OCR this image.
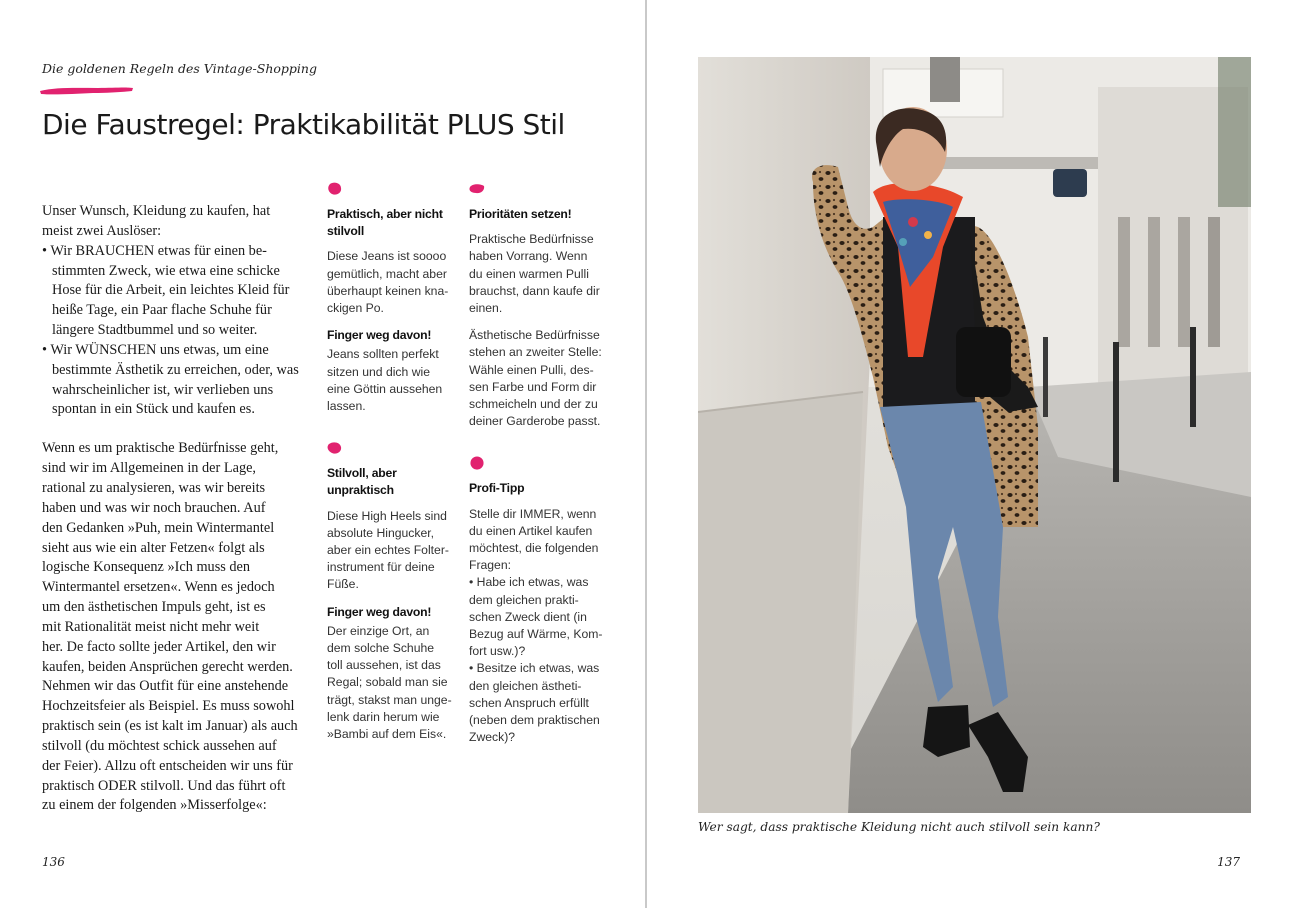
Die goldenen Regeln des Vintage-Shopping
Die Faustregel: Praktikabilität PLUS Stil

Unser Wunsch, Kleidung zu kaufen, hat
meist zwei Auslöser:

• Wir BRAUCHEN etwas für einen be-
stimmten Zweck, wie etwa eine schicke
Hose für die Arbeit, ein leichtes Kleid für
heiße Tage, ein Paar flache Schuhe für
längere Stadtbummel und so weiter.
• Wir WÜNSCHEN uns etwas, um eine
bestimmte Ästhetik zu erreichen, oder, was
wahrscheinlicher ist, wir verlieben uns
spontan in ein Stück und kaufen es.

Wenn es um praktische Bedürfnisse geht,
sind wir im Allgemeinen in der Lage,
rational zu analysieren, was wir bereits
haben und was wir noch brauchen. Auf
den Gedanken »Puh, mein Wintermantel
sieht aus wie ein alter Fetzen« folgt als
logische Konsequenz »Ich muss den
Wintermantel ersetzen«. Wenn es jedoch
um den ästhetischen Impuls geht, ist es
mit Rationalität meist nicht mehr weit
her. De facto sollte jeder Artikel, den wir
kaufen, beiden Ansprüchen gerecht werden.
Nehmen wir das Outfit für eine anstehende
Hochzeitsfeier als Beispiel. Es muss sowohl
praktisch sein (es ist kalt im Januar) als auch
stilvoll (du möchtest schick aussehen auf
der Feier). Allzu oft entscheiden wir uns für
praktisch ODER stilvoll. Und das führt oft
zu einem der folgenden »Misserfolge«:

Praktisch, aber nicht
stilvoll
Diese Jeans ist soooo
gemütlich, macht aber
überhaupt keinen kna-
ckigen Po.
Finger weg davon!
Jeans sollten perfekt
sitzen und dich wie
eine Göttin aussehen
lassen.
Stilvoll, aber
unpraktisch
Diese High Heels sind
absolute Hingucker,
aber ein echtes Folter-
instrument für deine
Füße.
Finger weg davon!
Der einzige Ort, an
dem solche Schuhe
toll aussehen, ist das
Regal; sobald man sie
trägt, stakst man unge-
lenk darin herum wie
»Bambi auf dem Eis«.
Prioritäten setzen!
Praktische Bedürfnisse
haben Vorrang. Wenn
du einen warmen Pulli
brauchst, dann kaufe dir
einen.
Ästhetische Bedürfnisse
stehen an zweiter Stelle:
Wähle einen Pulli, des-
sen Farbe und Form dir
schmeicheln und der zu
deiner Garderobe passt.
Profi-Tipp
Stelle dir IMMER, wenn
du einen Artikel kaufen
möchtest, die folgenden
Fragen:
• Habe ich etwas, was
dem gleichen prakti-
schen Zweck dient (in
Bezug auf Wärme, Kom-
fort usw.)?
• Besitze ich etwas, was
den gleichen ästheti-
schen Anspruch erfüllt
(neben dem praktischen
Zweck)?
136
Wer sagt, dass praktische Kleidung nicht auch stilvoll sein kann?
137
